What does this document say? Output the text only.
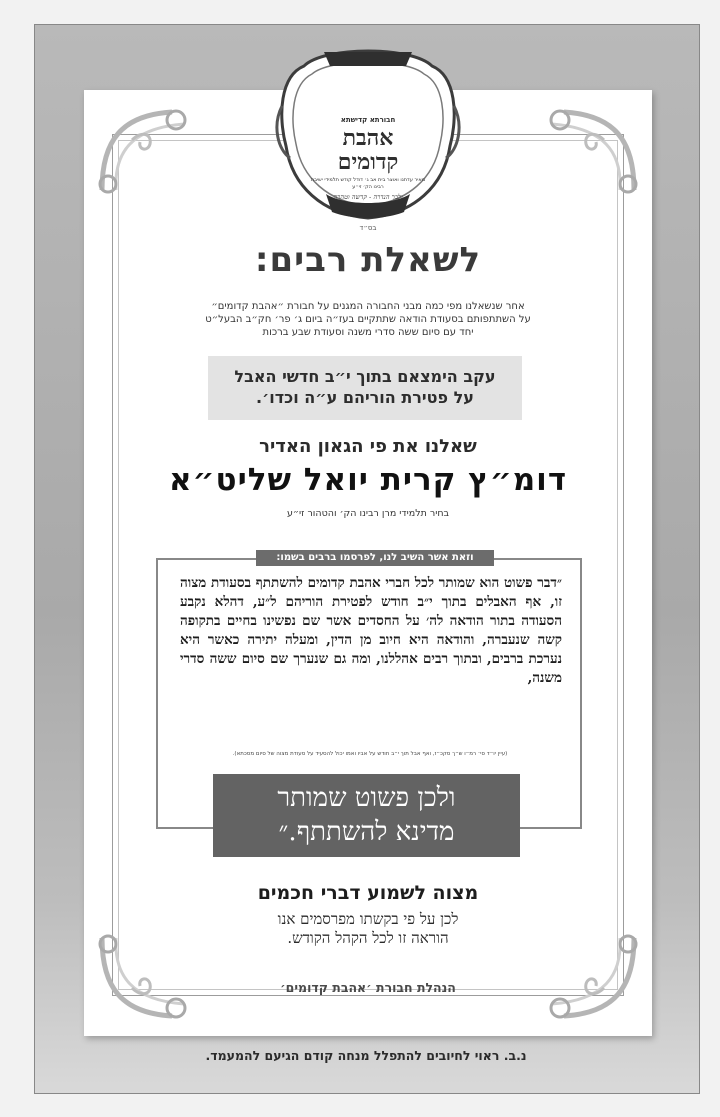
הנהלת העדה החרדית
חבורתא קדישתא
אהבת
קדומים
מאיר עדתנו ואוצר בית אב ג׳ דודל קודש תלמידי ישיבת רבינו הק׳ זי״ע
ולבך הנדרה - קדשה וטהרה
בס״ד
לשאלת רבים:
אחר שנשאלנו מפי כמה מבני החבורה המגנים על חבורת ״אהבת קדומים״
על השתתפותם בסעודת הודאה שתתקיים בעז״ה ביום ג׳ פר׳ חק״ב הבעל״ט
יחד עם סיום ששה סדרי משנה וסעודת שבע ברכות
עקב הימצאם בתוך י״ב חדשי האבל
על פטירת הוריהם ע״ה וכדו׳.
שאלנו את פי הגאון האדיר
דומ״ץ קרית יואל שליט״א
בחיר תלמידי מרן רבינו הק׳ והטהור זי״ע
וזאת אשר השיב לנו, לפרסמו ברבים בשמו:
״דבר פשוט הוא שמותר לכל חברי אהבת קדומים להשתתף בסעודת מצוה זו, אף האבלים בתוך י״ב חודש לפטירת הוריהם ל״ע, דהלא נקבע הסעודה בתור הודאה לה׳ על החסדים אשר שם נפשינו בחיים בתקופה קשה שנעברה, והודאה היא חיוב מן הדין, ומעלה יתירה כאשר היא נערכת ברבים, ובתוך רבים אהללנו, ומה גם שנערך שם סיום ששה סדרי משנה,
(עיין יו״ד סי׳ רמ״ו ש״ך סקכ״ז, ואף אבל תוך י״ב חודש על אביו ואמו יכול להסעיד על סעודת מצוה של סיום מסכתא).
ולכן פשוט שמותר
מדינא להשתתף.״
מצוה לשמוע דברי חכמים
לכן על פי בקשתו מפרסמים אנו
הוראה זו לכל הקהל הקודש.
הנהלת חבורת ׳אהבת קדומים׳
נ.ב. ראוי לחיובים להתפלל מנחה קודם הגיעם להמעמד.
